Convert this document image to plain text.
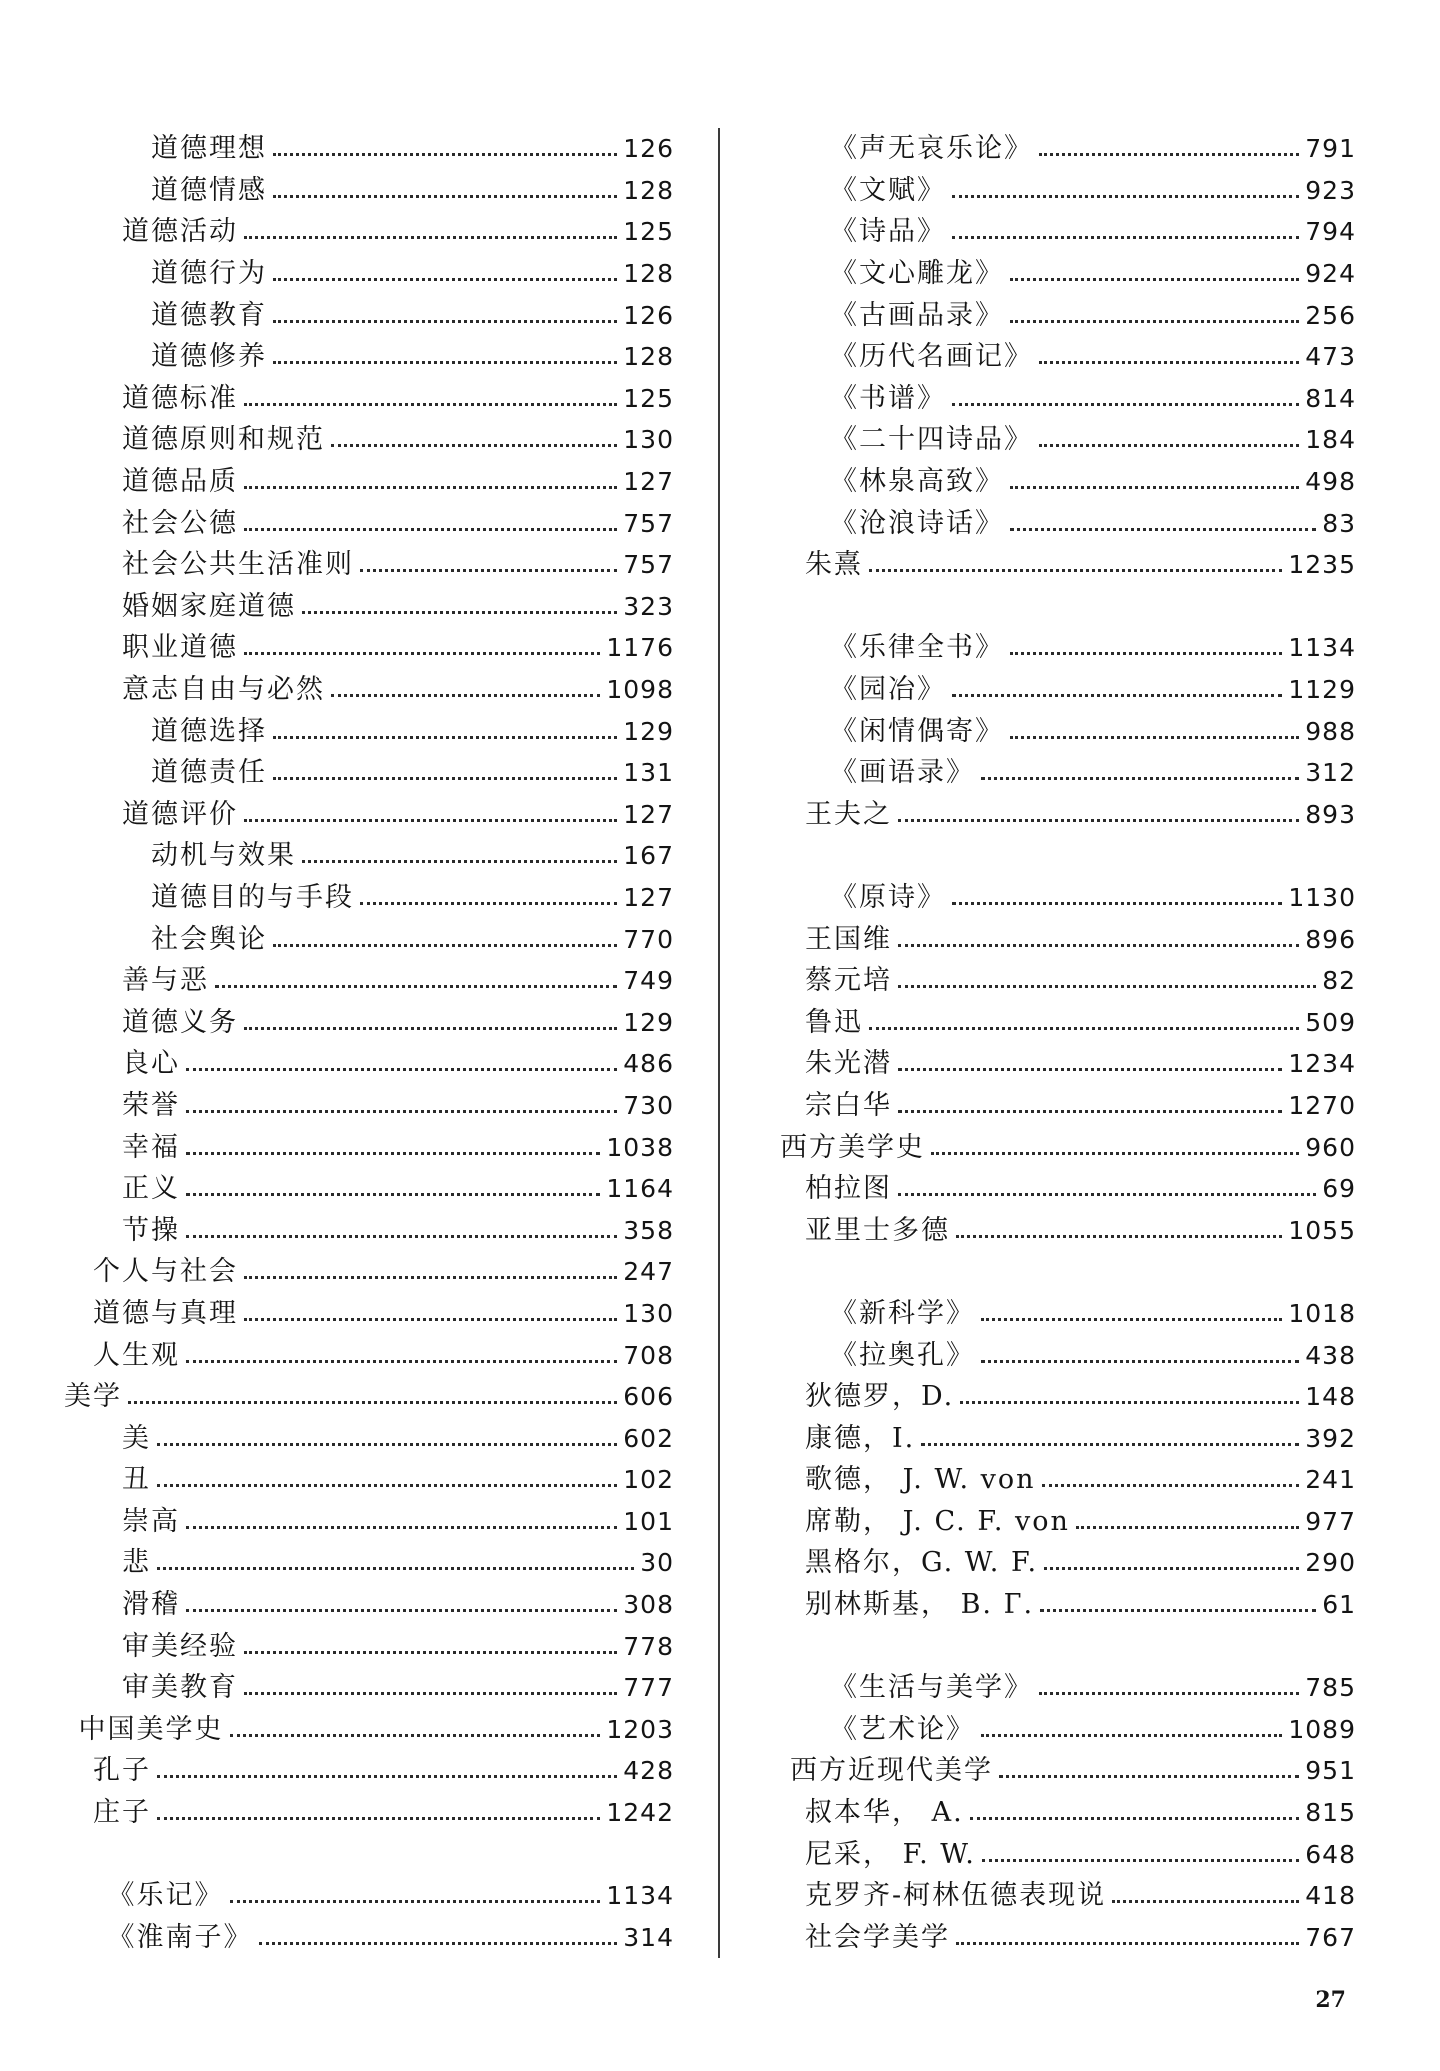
道德理想	126
道德情感	128
道德活动	125
道德行为	128
道德教育	126
道德修养	128
道德标准	125
道德原则和规范	130
道德品质	127
社会公德	757
社会公共生活准则	757
婚姻家庭道德	323
职业道德	1176
意志自由与必然	1098
道德选择	129
道德责任	131
道德评价	127
动机与效果	167
道德目的与手段	127
社会舆论	770
善与恶	749
道德义务	129
良心	486
荣誉	730
幸福	1038
正义	1164
节操	358
个人与社会	247
道德与真理	130
人生观	708
美学	606
美	602
丑	102
崇高	101
悲	30
滑稽	308
审美经验	778
审美教育	777
中国美学史	1203
孔子	428
庄子	1242
《乐记》	1134
《淮南子》	314
《声无哀乐论》	791
《文赋》	923
《诗品》	794
《文心雕龙》	924
《古画品录》	256
《历代名画记》	473
《书谱》	814
《二十四诗品》	184
《林泉高致》	498
《沧浪诗话》	83
朱熹	1235
《乐律全书》	1134
《园冶》	1129
《闲情偶寄》	988
《画语录》	312
王夫之	893
《原诗》	1130
王国维	896
蔡元培	82
鲁迅	509
朱光潜	1234
宗白华	1270
西方美学史	960
柏拉图	69
亚里士多德	1055
《新科学》	1018
《拉奥孔》	438
狄德罗，D.	148
康德，I.	392
歌德， J. W. von	241
席勒， J. C. F. von	977
黑格尔，G. W. F.	290
别林斯基， B. Г.	61
《生活与美学》	785
《艺术论》	1089
西方近现代美学	951
叔本华， A.	815
尼采， F. W.	648
克罗齐-柯林伍德表现说	418
社会学美学	767
27
